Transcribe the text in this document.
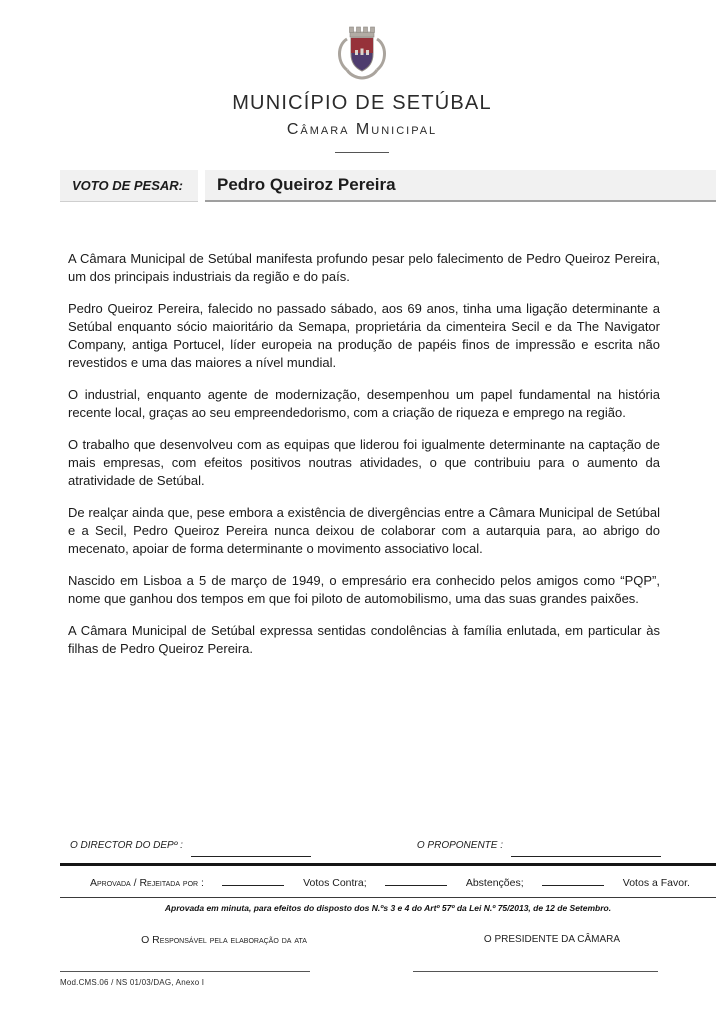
MUNICÍPIO DE SETÚBAL
Câmara Municipal
VOTO DE PESAR:	Pedro Queiroz Pereira

A Câmara Municipal de Setúbal manifesta profundo pesar pelo falecimento de Pedro Queiroz Pereira, um dos principais industriais da região e do país.

Pedro Queiroz Pereira, falecido no passado sábado, aos 69 anos, tinha uma ligação determinante a Setúbal enquanto sócio maioritário da Semapa, proprietária da cimenteira Secil e da The Navigator Company, antiga Portucel, líder europeia na produção de papéis finos de impressão e escrita não revestidos e uma das maiores a nível mundial.

O industrial, enquanto agente de modernização, desempenhou um papel fundamental na história recente local, graças ao seu empreendedorismo, com a criação de riqueza e emprego na região.

O trabalho que desenvolveu com as equipas que liderou foi igualmente determinante na captação de mais empresas, com efeitos positivos noutras atividades, o que contribuiu para o aumento da atratividade de Setúbal.

De realçar ainda que, pese embora a existência de divergências entre a Câmara Municipal de Setúbal e a Secil, Pedro Queiroz Pereira nunca deixou de colaborar com a autarquia para, ao abrigo do mecenato, apoiar de forma determinante o movimento associativo local.

Nascido em Lisboa a 5 de março de 1949, o empresário era conhecido pelos amigos como “PQP”, nome que ganhou dos tempos em que foi piloto de automobilismo, uma das suas grandes paixões.

A Câmara Municipal de Setúbal expressa sentidas condolências à família enlutada, em particular às filhas de Pedro Queiroz Pereira.

O DIRECTOR DO DEPº :	O PROPONENTE :
Aprovada / Rejeitada por :	Votos Contra;	Abstenções;	Votos a Favor.
Aprovada em minuta, para efeitos do disposto dos N.ºs 3 e 4 do Artº 57º da Lei N.º 75/2013, de 12 de Setembro.
O Responsável pela elaboração da ata	O PRESIDENTE DA CÂMARA
Mod.CMS.06 / NS 01/03/DAG, Anexo I
